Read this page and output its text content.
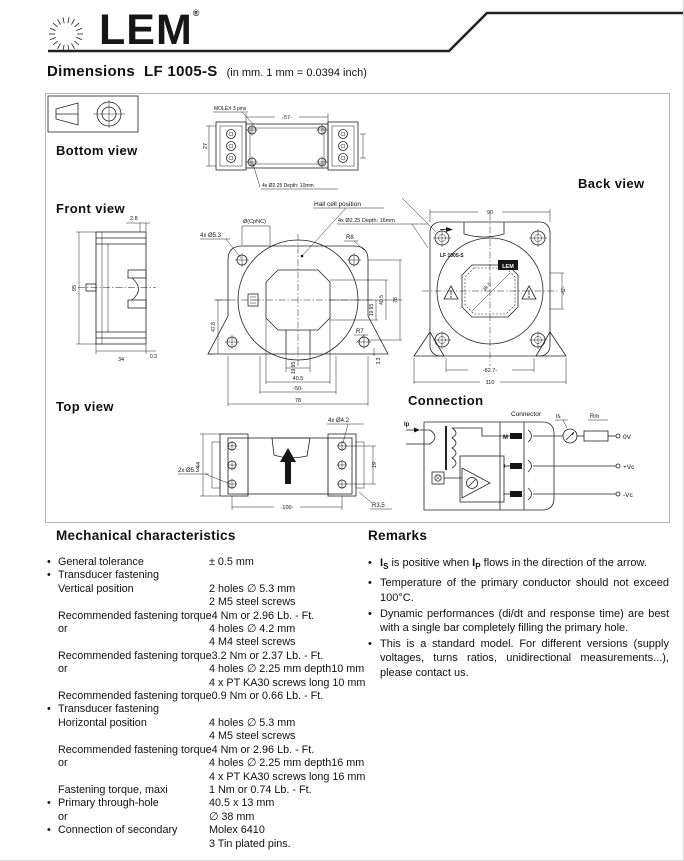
LEM®
Dimensions LF 1005-S (in mm. 1 mm = 0.0394 inch)
Bottom view
Front view
Back view
Top view	Connection
MOLEX 3 pins
-57-
27
4x Ø2.25 Depth: 10mm
2.8
95
34	0.3
Hall cell position
4x Ø2.25 Depth: 16mm
Ø(CpNC)
4x Ø5.3	R8
47.8
19.95
40.5 78
R7
3.3
19.95
40.5
-50-
78
90
38.5
LF 1005-S
LEM
-42-
-82.7-
110
4x Ø4.2
44
2x Ø5.3
19
-100-	R3.5
Connector
M
+
-
Is	Rm
0V
+Vc
-Vc
Ip
Mechanical characteristics
• General tolerance	± 0.5 mm
• Transducer fastening
Vertical position	2 holes ∅ 5.3 mm
2 M5 steel screws
Recommended fastening torque 4 Nm or 2.96 Lb. - Ft.
or	4 holes ∅ 4.2 mm
4 M4 steel screws
Recommended fastening torque 3.2 Nm or 2.37 Lb. - Ft.
or	4 holes ∅ 2.25 mm depth10 mm
4 x PT KA30 screws long 10 mm
Recommended fastening torque 0.9 Nm or 0.66 Lb. - Ft.
• Transducer fastening
Horizontal position	4 holes ∅ 5.3 mm
4 M5 steel screws
Recommended fastening torque 4 Nm or 2.96 Lb. - Ft.
or	4 holes ∅ 2.25 mm depth16 mm
4 x PT KA30 screws long 16 mm
Fastening torque, maxi	1 Nm or 0.74 Lb. - Ft.
• Primary through-hole	40.5 x 13 mm
or	∅ 38 mm
• Connection of secondary	Molex 6410
3 Tin plated pins.
Remarks
• $I_S$ is positive when $I_P$ flows in the direction of the arrow.
• Temperature of the primary conductor should not exceed 100°C.
• Dynamic performances (di/dt and response time) are best with a single bar completely filling the primary hole.
• This is a standard model. For different versions (supply voltages, turns ratios, unidirectional measurements...), please contact us.
